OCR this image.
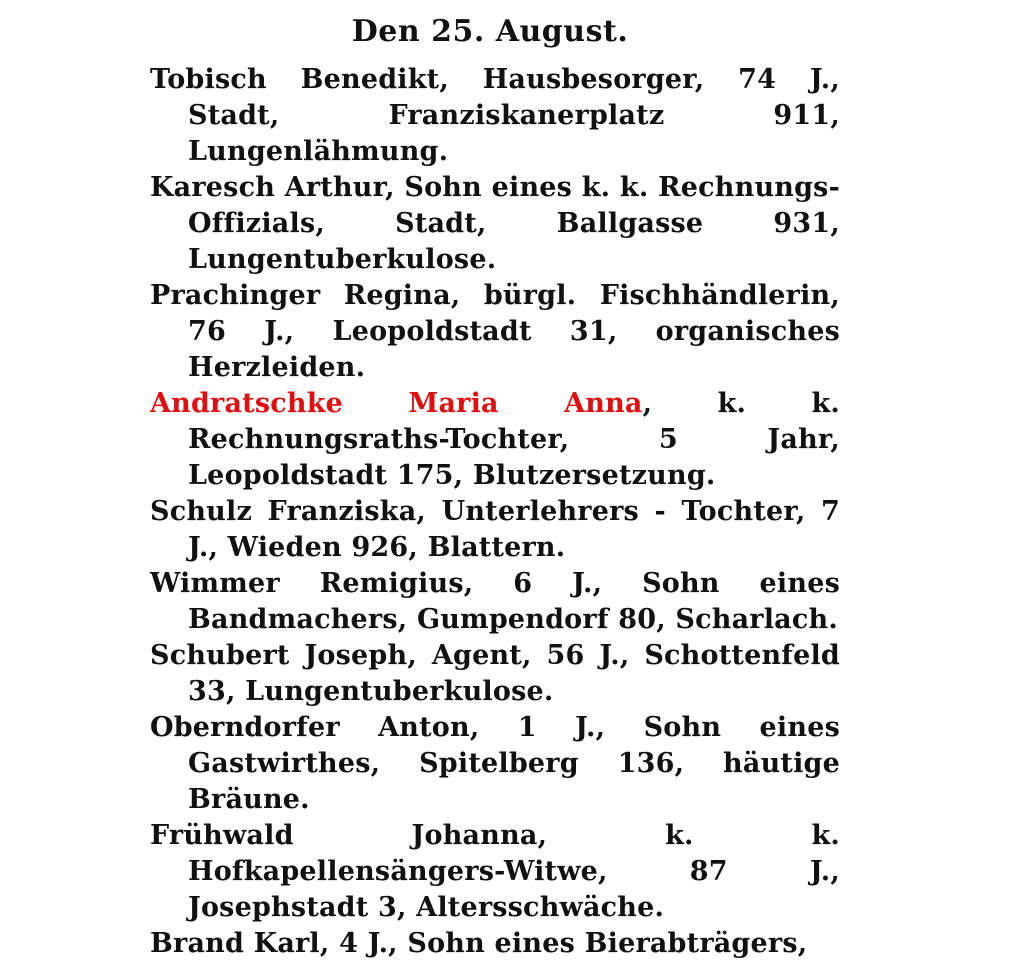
Den 25. August.
Tobisch Benedikt, Hausbesorger, 74 J., Stadt, Franziskanerplatz 911, Lungenlähmung.
Karesch Arthur, Sohn eines k. k. Rechnungs-Offizials, Stadt, Ballgasse 931, Lungentuberkulose.
Prachinger Regina, bürgl. Fischhändlerin, 76 J., Leopoldstadt 31, organisches Herzleiden.
Andratschke Maria Anna, k. k. Rechnungsraths-Tochter, 5 Jahr, Leopoldstadt 175, Blutzersetzung.
Schulz Franziska, Unterlehrers - Tochter, 7 J., Wieden 926, Blattern.
Wimmer Remigius, 6 J., Sohn eines Bandmachers, Gumpendorf 80, Scharlach.
Schubert Joseph, Agent, 56 J., Schottenfeld 33, Lungentuberkulose.
Oberndorfer Anton, 1 J., Sohn eines Gastwirthes, Spitelberg 136, häutige Bräune.
Frühwald Johanna,	k. k. Hofkapellensängers-Witwe, 87 J., Josephstadt 3, Altersschwäche.
Brand Karl, 4 J., Sohn eines Bierabträgers,
